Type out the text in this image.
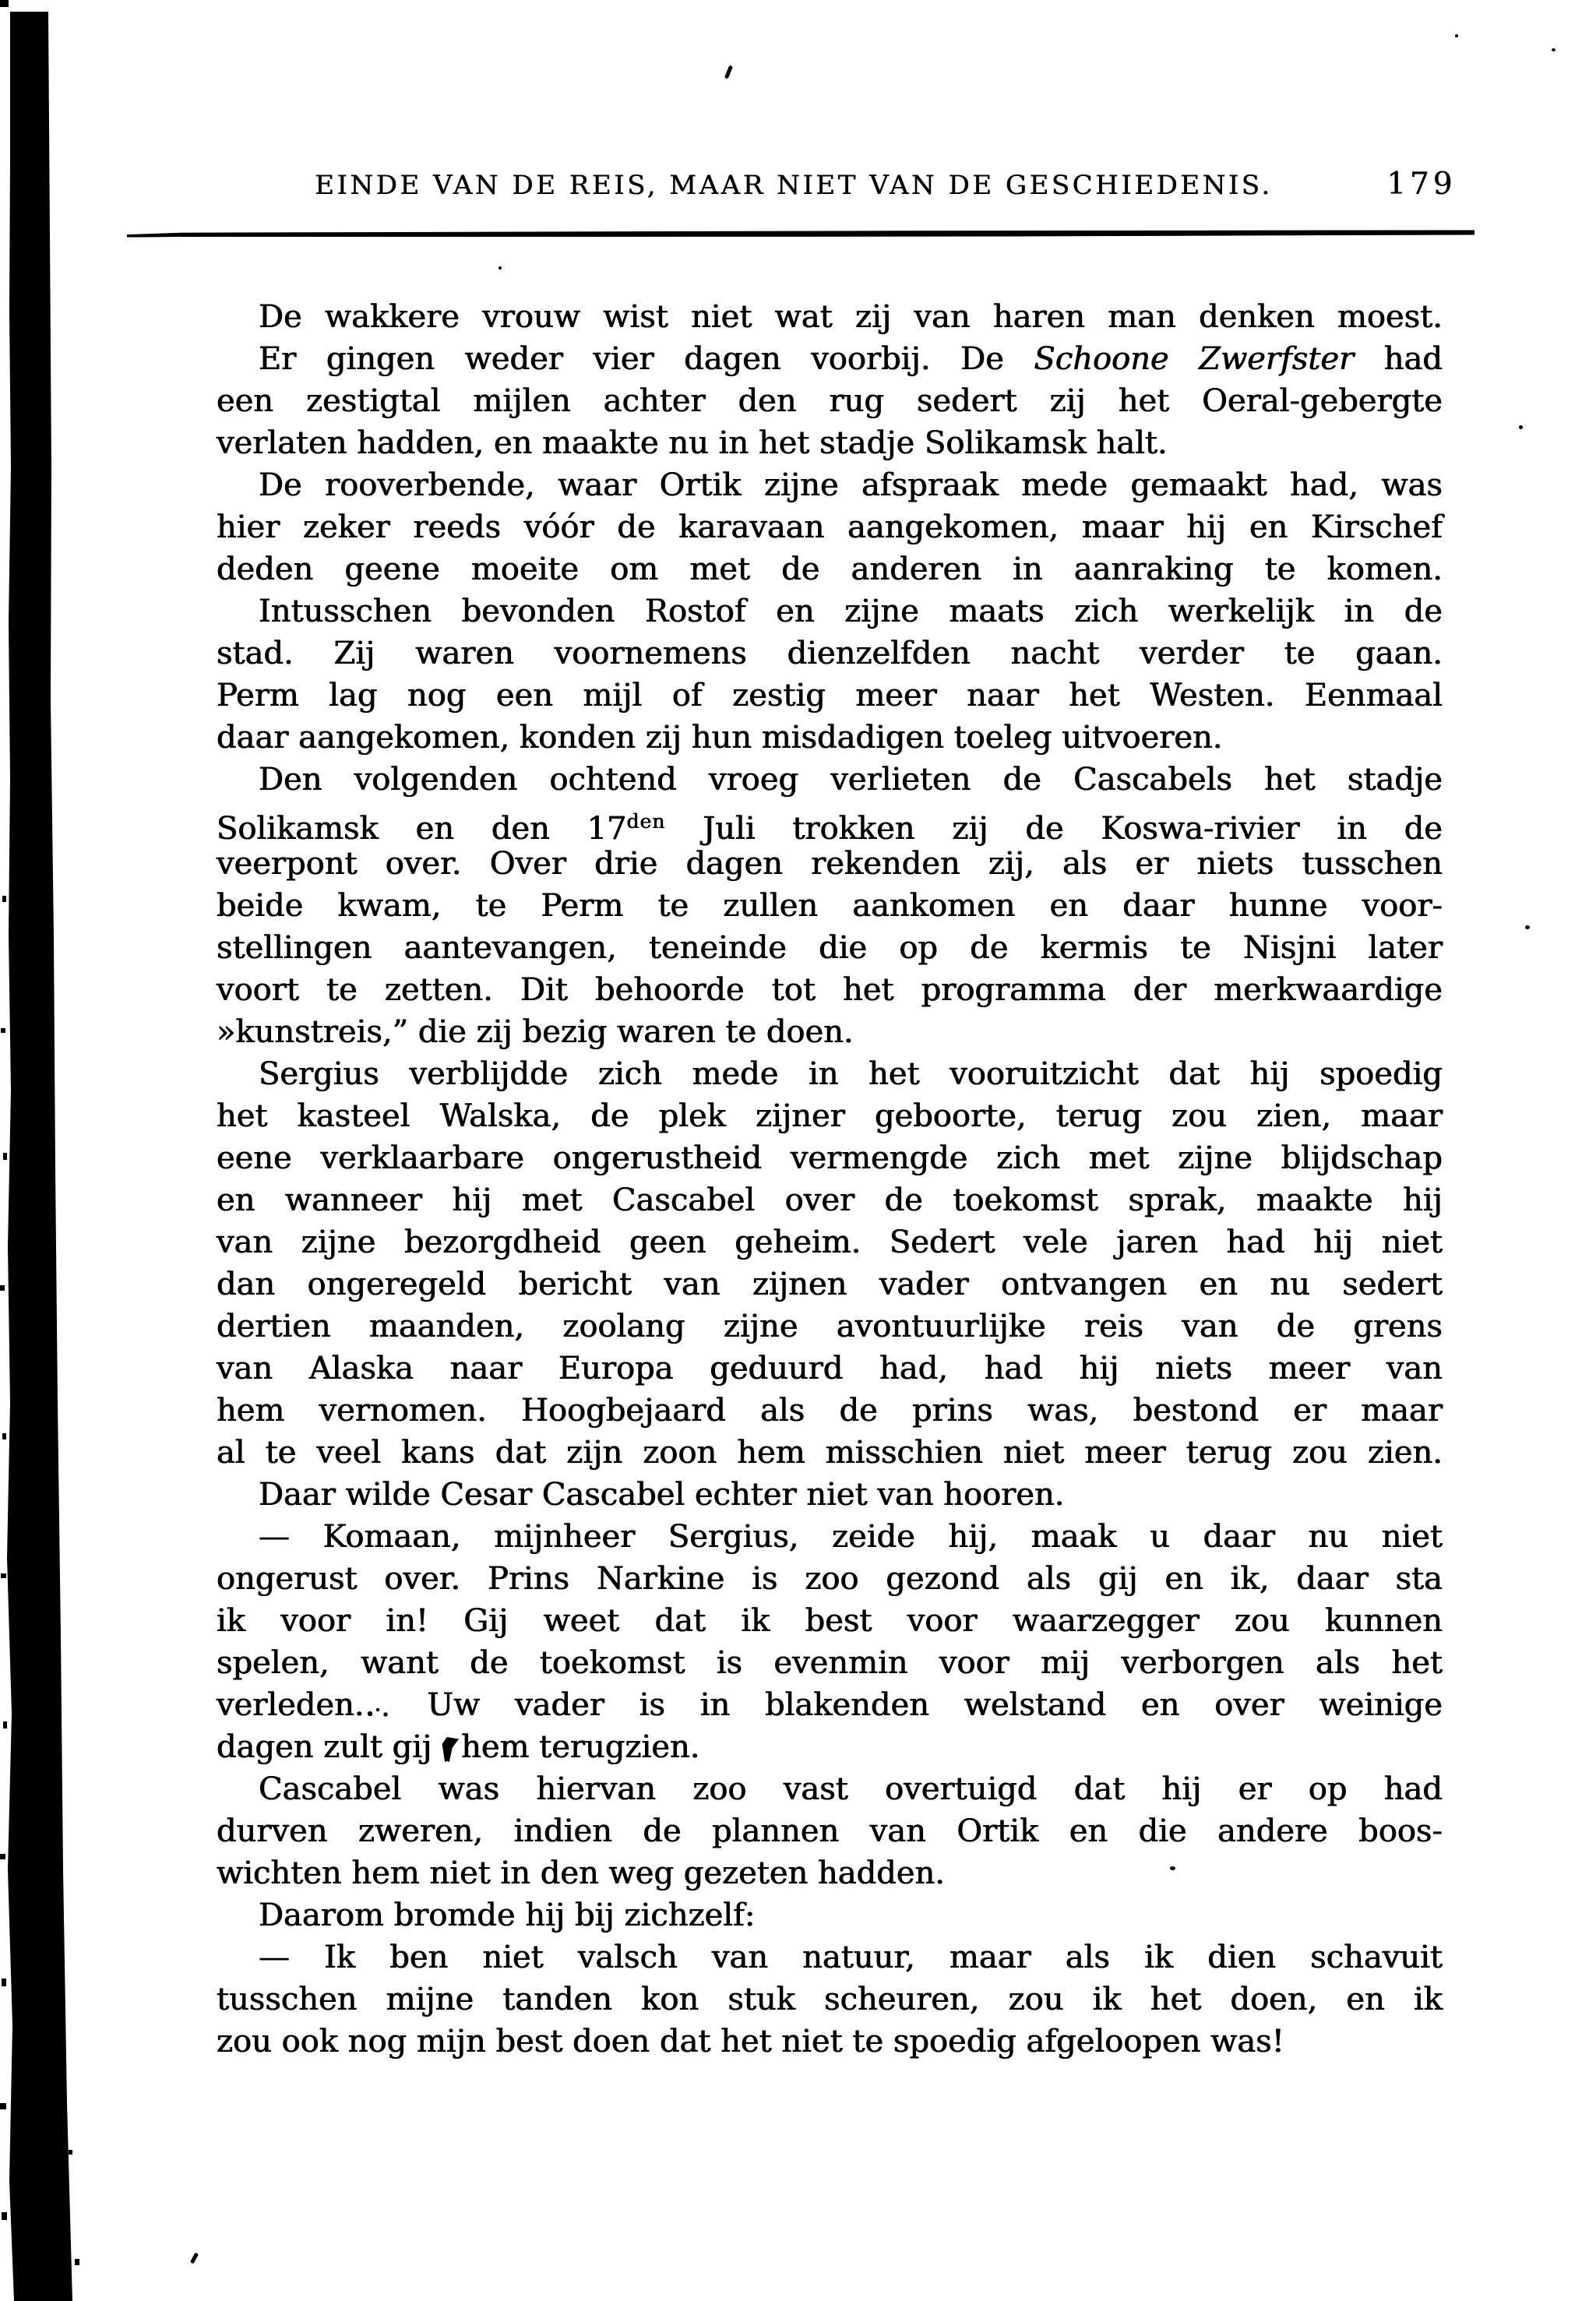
EINDE VAN DE REIS, MAAR NIET VAN DE GESCHIEDENIS.	179
De wakkere vrouw wist niet wat zij van haren man denken moest.
Er gingen weder vier dagen voorbij. De Schoone Zwerfster had
een zestigtal mijlen achter den rug sedert zij het Oeral-gebergte
verlaten hadden, en maakte nu in het stadje Solikamsk halt.
De rooverbende, waar Ortik zijne afspraak mede gemaakt had, was
hier zeker reeds vóór de karavaan aangekomen, maar hij en Kirschef
deden geene moeite om met de anderen in aanraking te komen.
Intusschen bevonden Rostof en zijne maats zich werkelijk in de
stad. Zij waren voornemens dienzelfden nacht verder te gaan.
Perm lag nog een mijl of zestig meer naar het Westen. Eenmaal
daar aangekomen, konden zij hun misdadigen toeleg uitvoeren.
Den volgenden ochtend vroeg verlieten de Cascabels het stadje
Solikamsk en den $17^{den}$ Juli trokken zij de Koswa-rivier in de
veerpont over. Over drie dagen rekenden zij, als er niets tusschen
beide kwam, te Perm te zullen aankomen en daar hunne voor-
stellingen aantevangen, teneinde die op de kermis te Nisjni later
voort te zetten. Dit behoorde tot het programma der merkwaardige
»kunstreis,” die zij bezig waren te doen.
Sergius verblijdde zich mede in het vooruitzicht dat hij spoedig
het kasteel Walska, de plek zijner geboorte, terug zou zien, maar
eene verklaarbare ongerustheid vermengde zich met zijne blijdschap
en wanneer hij met Cascabel over de toekomst sprak, maakte hij
van zijne bezorgdheid geen geheim. Sedert vele jaren had hij niet
dan ongeregeld bericht van zijnen vader ontvangen en nu sedert
dertien maanden, zoolang zijne avontuurlijke reis van de grens
van Alaska naar Europa geduurd had, had hij niets meer van
hem vernomen. Hoogbejaard als de prins was, bestond er maar
al te veel kans dat zijn zoon hem misschien niet meer terug zou zien.
Daar wilde Cesar Cascabel echter niet van hooren.
— Komaan, mijnheer Sergius, zeide hij, maak u daar nu niet
ongerust over. Prins Narkine is zoo gezond als gij en ik, daar sta
ik voor in! Gij weet dat ik best voor waarzegger zou kunnen
spelen, want de toekomst is evenmin voor mij verborgen als het
verleden. Uw vader is in blakenden welstand en over weinige
dagen zult gij hem terugzien.
Cascabel was hiervan zoo vast overtuigd dat hij er op had
durven zweren, indien de plannen van Ortik en die andere boos-
wichten hem niet in den weg gezeten hadden.
Daarom bromde hij bij zichzelf:
— Ik ben niet valsch van natuur, maar als ik dien schavuit
tusschen mijne tanden kon stuk scheuren, zou ik het doen, en ik
zou ook nog mijn best doen dat het niet te spoedig afgeloopen was!
